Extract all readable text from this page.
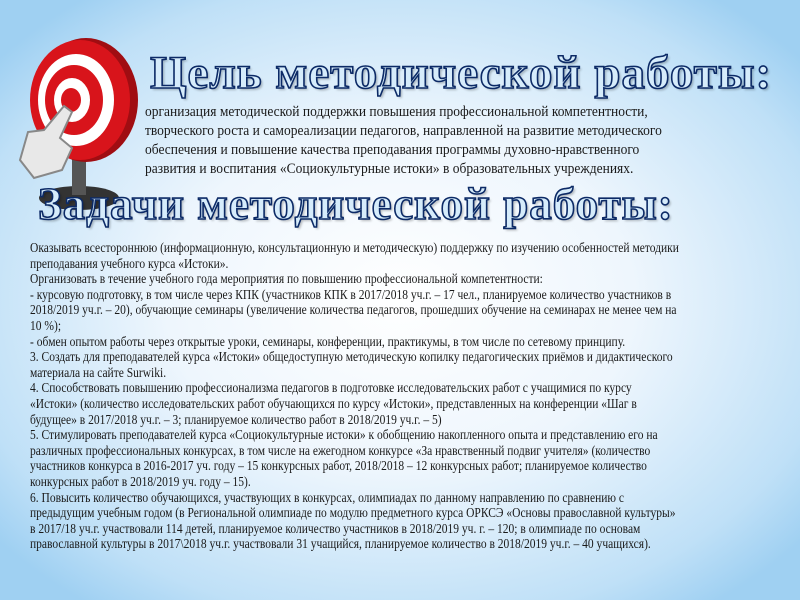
Цель методической работы:
организация методической поддержки повышения профессиональной компетентности,
творческого роста и самореализации педагогов, направленной на развитие методического
обеспечения и повышение качества преподавания программы духовно-нравственного
развития и воспитания «Социокультурные истоки» в образовательных учреждениях.
Задачи методической работы:
Оказывать всестороннюю (информационную, консультационную и методическую) поддержку по изучению особенностей методики
преподавания учебного курса «Истоки».
Организовать в течение учебного года мероприятия по повышению профессиональной компетентности:
- курсовую подготовку, в том числе через КПК (участников КПК в 2017/2018 уч.г. – 17 чел., планируемое количество участников в
2018/2019 уч.г. – 20), обучающие семинары (увеличение количества педагогов, прошедших обучение на семинарах не менее чем на
10 %);
- обмен опытом работы через открытые уроки, семинары, конференции, практикумы, в том числе по сетевому принципу.
3. Создать для преподавателей курса «Истоки» общедоступную методическую копилку педагогических приёмов и дидактического
материала на сайте Surwiki.
4. Способствовать повышению профессионализма педагогов в подготовке исследовательских работ с учащимися по курсу
«Истоки» (количество исследовательских работ обучающихся по курсу «Истоки», представленных на конференции «Шаг в
будущее» в 2017/2018 уч.г. – 3; планируемое количество работ в 2018/2019 уч.г. – 5)
5. Стимулировать преподавателей курса «Социокультурные истоки» к обобщению накопленного опыта и представлению его на
различных профессиональных конкурсах, в том числе на ежегодном конкурсе «За нравственный подвиг учителя» (количество
участников конкурса в 2016-2017 уч. году – 15 конкурсных работ, 2018/2018 – 12 конкурсных работ; планируемое количество
конкурсных работ в 2018/2019 уч. году – 15).
6. Повысить количество обучающихся, участвующих в конкурсах, олимпиадах по данному направлению по сравнению с
предыдущим учебным годом (в Региональной олимпиаде по модулю предметного курса ОРКСЭ «Основы православной культуры»
в 2017/18 уч.г. участвовали 114 детей, планируемое количество участников в 2018/2019 уч. г. – 120; в олимпиаде по основам
православной культуры в 2017\2018 уч.г. участвовали 31 учащийся, планируемое количество в 2018/2019 уч.г. – 40 учащихся).
